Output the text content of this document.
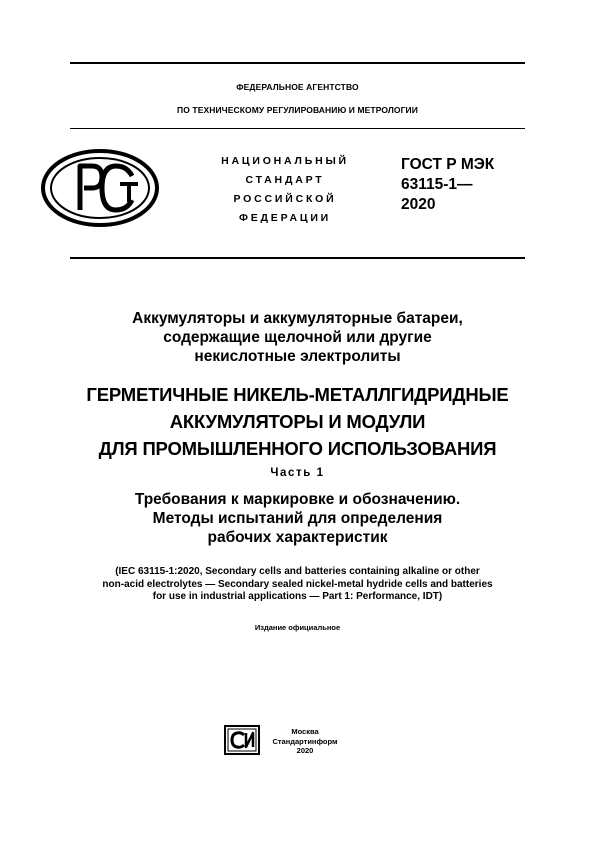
ФЕДЕРАЛЬНОЕ АГЕНТСТВО
ПО ТЕХНИЧЕСКОМУ РЕГУЛИРОВАНИЮ И МЕТРОЛОГИИ
НАЦИОНАЛЬНЫЙ
СТАНДАРТ
РОССИЙСКОЙ
ФЕДЕРАЦИИ
ГОСТ Р МЭК
63115-1—
2020
Аккумуляторы и аккумуляторные батареи,
содержащие щелочной или другие
некислотные электролиты
ГЕРМЕТИЧНЫЕ НИКЕЛЬ-МЕТАЛЛГИДРИДНЫЕ
АККУМУЛЯТОРЫ И МОДУЛИ
ДЛЯ ПРОМЫШЛЕННОГО ИСПОЛЬЗОВАНИЯ
Часть 1
Требования к маркировке и обозначению.
Методы испытаний для определения
рабочих характеристик
(IEC 63115-1:2020, Secondary cells and batteries containing alkaline or other
non-acid electrolytes — Secondary sealed nickel-metal hydride cells and batteries
for use in industrial applications — Part 1: Performance, IDT)
Издание официальное
Москва
Стандартинформ
2020
